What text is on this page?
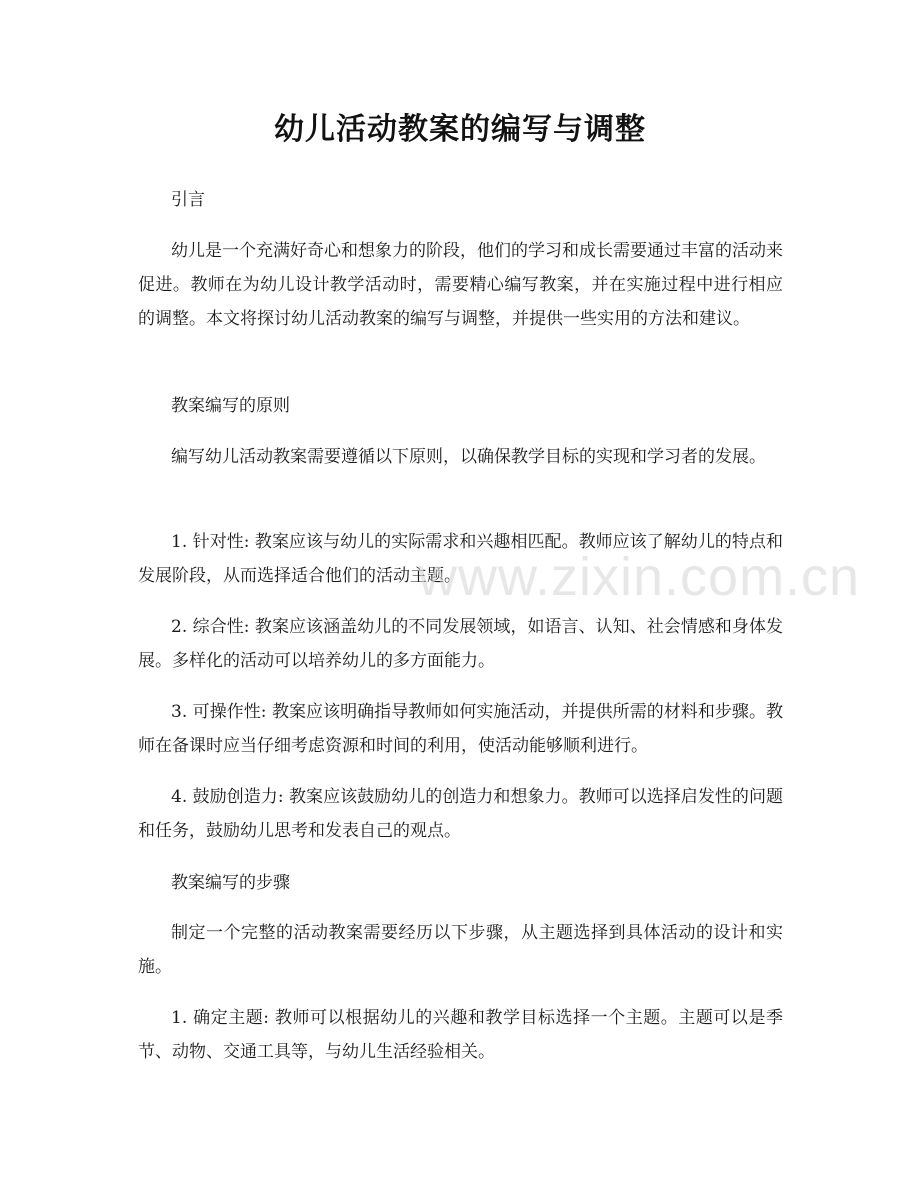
幼儿活动教案的编写与调整

引言

幼儿是一个充满好奇心和想象力的阶段，他们的学习和成长需要通过丰富的活动来促进。教师在为幼儿设计教学活动时，需要精心编写教案，并在实施过程中进行相应的调整。本文将探讨幼儿活动教案的编写与调整，并提供一些实用的方法和建议。

教案编写的原则

编写幼儿活动教案需要遵循以下原则，以确保教学目标的实现和学习者的发展。

1. 针对性: 教案应该与幼儿的实际需求和兴趣相匹配。教师应该了解幼儿的特点和发展阶段，从而选择适合他们的活动主题。

2. 综合性: 教案应该涵盖幼儿的不同发展领域，如语言、认知、社会情感和身体发展。多样化的活动可以培养幼儿的多方面能力。

3. 可操作性: 教案应该明确指导教师如何实施活动，并提供所需的材料和步骤。教师在备课时应当仔细考虑资源和时间的利用，使活动能够顺利进行。

4. 鼓励创造力: 教案应该鼓励幼儿的创造力和想象力。教师可以选择启发性的问题和任务，鼓励幼儿思考和发表自己的观点。

教案编写的步骤

制定一个完整的活动教案需要经历以下步骤，从主题选择到具体活动的设计和实施。

1. 确定主题: 教师可以根据幼儿的兴趣和教学目标选择一个主题。主题可以是季节、动物、交通工具等，与幼儿生活经验相关。

www.zixin.com.cn
